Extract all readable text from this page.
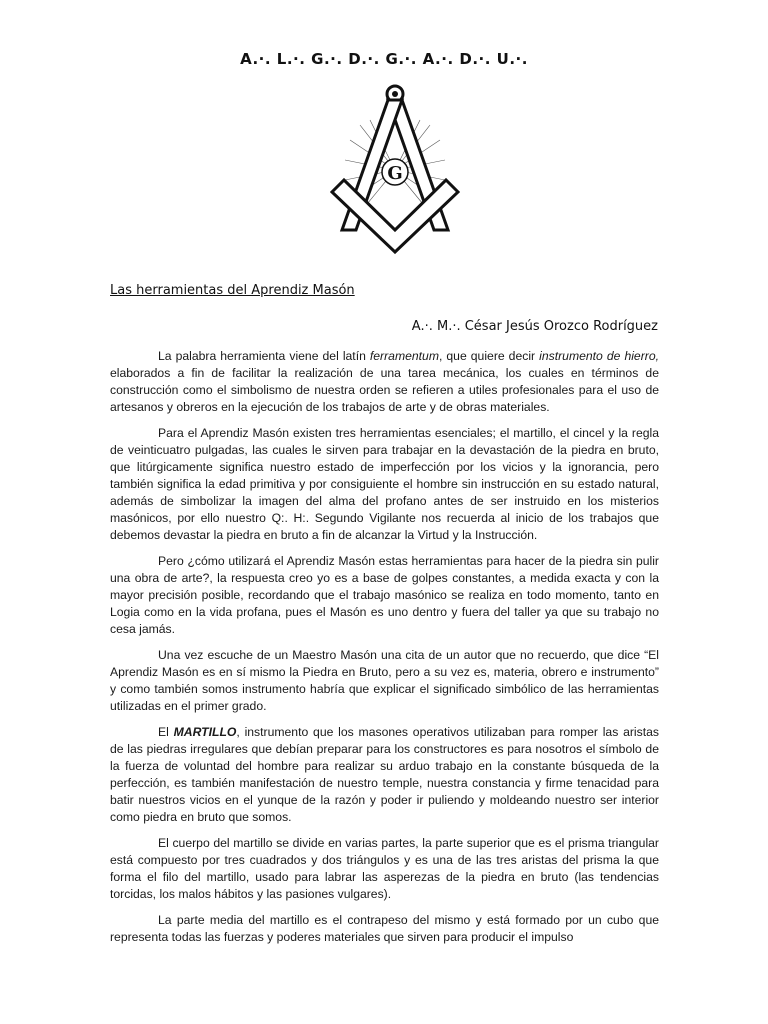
A.·. L.·. G.·. D.·. G.·. A.·. D.·. U.·.
G
Las herramientas del Aprendiz Masón
A.·. M.·. César Jesús Orozco Rodríguez

La palabra herramienta viene del latín ferramentum, que quiere decir instrumento de hierro, elaborados a fin de facilitar la realización de una tarea mecánica, los cuales en términos de construcción como el simbolismo de nuestra orden se refieren a utiles profesionales para el uso de artesanos y obreros en la ejecución de los trabajos de arte y de obras materiales.

Para el Aprendiz Masón existen tres herramientas esenciales; el martillo, el cincel y la regla de veinticuatro pulgadas, las cuales le sirven para trabajar en la devastación de la piedra en bruto, que litúrgicamente significa nuestro estado de imperfección por los vicios y la ignorancia, pero también significa la edad primitiva y por consiguiente el hombre sin instrucción en su estado natural, además de simbolizar la imagen del alma del profano antes de ser instruido en los misterios masónicos, por ello nuestro Q:. H:. Segundo Vigilante nos recuerda al inicio de los trabajos que debemos devastar la piedra en bruto a fin de alcanzar la Virtud y la Instrucción.

Pero ¿cómo utilizará el Aprendiz Masón estas herramientas para hacer de la piedra sin pulir una obra de arte?, la respuesta creo yo es a base de golpes constantes, a medida exacta y con la mayor precisión posible, recordando que el trabajo masónico se realiza en todo momento, tanto en Logia como en la vida profana, pues el Masón es uno dentro y fuera del taller ya que su trabajo no cesa jamás.

Una vez escuche de un Maestro Masón una cita de un autor que no recuerdo, que dice “El Aprendiz Masón es en sí mismo la Piedra en Bruto, pero a su vez es, materia, obrero e instrumento” y como también somos instrumento habría que explicar el significado simbólico de las herramientas utilizadas en el primer grado.

El MARTILLO, instrumento que los masones operativos utilizaban para romper las aristas de las piedras irregulares que debían preparar para los constructores es para nosotros el símbolo de la fuerza de voluntad del hombre para realizar su arduo trabajo en la constante búsqueda de la perfección, es también manifestación de nuestro temple, nuestra constancia y firme tenacidad para batir nuestros vicios en el yunque de la razón y poder ir puliendo y moldeando nuestro ser interior como piedra en bruto que somos.

El cuerpo del martillo se divide en varias partes, la parte superior que es el prisma triangular está compuesto por tres cuadrados y dos triángulos y es una de las tres aristas del prisma la que forma el filo del martillo, usado para labrar las asperezas de la piedra en bruto (las tendencias torcidas, los malos hábitos y las pasiones vulgares).

La parte media del martillo es el contrapeso del mismo y está formado por un cubo que representa todas las fuerzas y poderes materiales que sirven para producir el impulso
